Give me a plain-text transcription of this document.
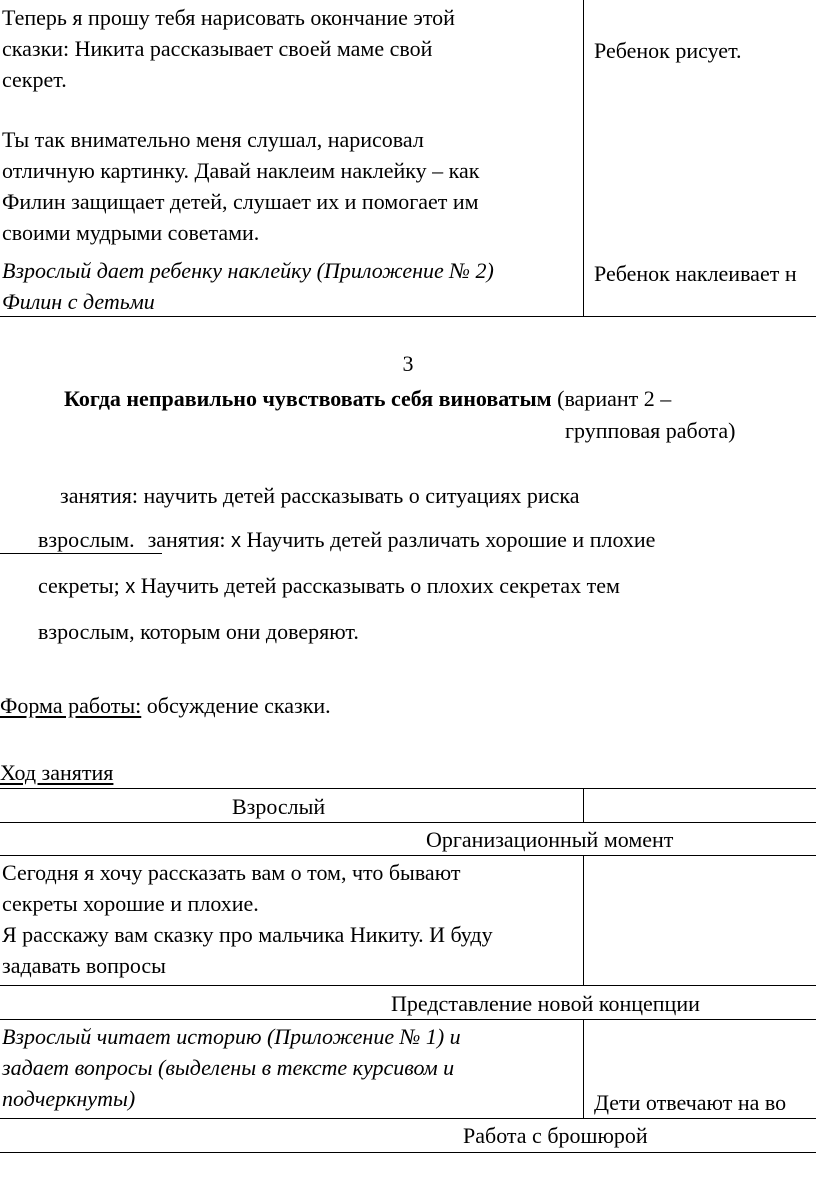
Теперь я прошу тебя нарисовать окончание этой
сказки: Никита рассказывает своей маме свой
секрет.
Ты так внимательно меня слушал, нарисовал
отличную картинку. Давай наклеим наклейку – как
Филин защищает детей, слушает их и помогает им
своими мудрыми советами.
Взрослый дает ребенку наклейку (Приложение № 2)
Филин с детьми
Ребенок рисует.
Ребенок наклеивает н
3
Когда неправильно чувствовать себя виноватым (вариант 2 –
групповая работа)
занятия: научить детей рассказывать о ситуациях риска
взрослым. занятия: х Научить детей различать хорошие и плохие
секреты; х Научить детей рассказывать о плохих секретах тем
взрослым, которым они доверяют.
Форма работы: обсуждение сказки.
Ход занятия
Взрослый
Организационный момент
Сегодня я хочу рассказать вам о том, что бывают
секреты хорошие и плохие.
Я расскажу вам сказку про мальчика Никиту. И буду
задавать вопросы
Представление новой концепции
Взрослый читает историю (Приложение № 1) и
задает вопросы (выделены в тексте курсивом и
подчеркнуты)	Дети отвечают на во
Работа с брошюрой
